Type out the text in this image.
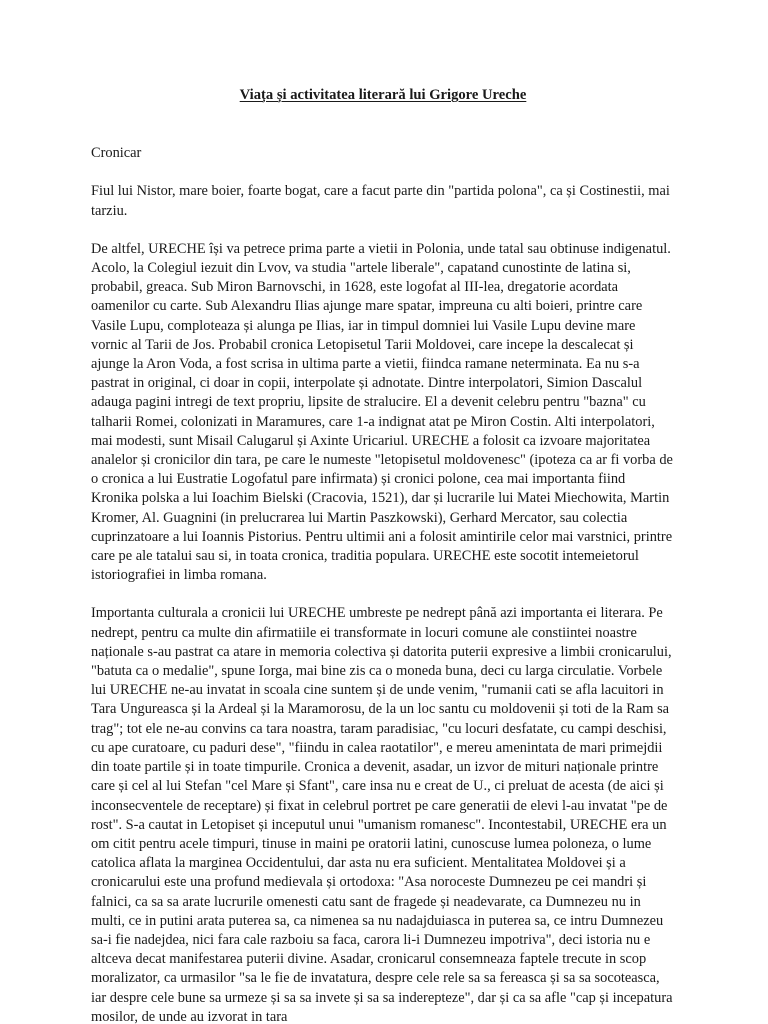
Viața și activitatea literară lui Grigore Ureche

Cronicar

Fiul lui Nistor, mare boier, foarte bogat, care a facut parte din "partida polona", ca și Costinestii, mai tarziu.

De altfel, URECHE își va petrece prima parte a vietii in Polonia, unde tatal sau obtinuse indigenatul. Acolo, la Colegiul iezuit din Lvov, va studia "artele liberale", capatand cunostinte de latina si, probabil, greaca. Sub Miron Barnovschi, in 1628, este logofat al III-lea, dregatorie acordata oamenilor cu carte. Sub Alexandru Ilias ajunge mare spatar, impreuna cu alti boieri, printre care Vasile Lupu, comploteaza și alunga pe Ilias, iar in timpul domniei lui Vasile Lupu devine mare vornic al Tarii de Jos. Probabil cronica Letopisetul Tarii Moldovei, care incepe la descalecat și ajunge la Aron Voda, a fost scrisa in ultima parte a vietii, fiindca ramane neterminata. Ea nu s-a pastrat in original, ci doar in copii, interpolate și adnotate. Dintre interpolatori, Simion Dascalul adauga pagini intregi de text propriu, lipsite de stralucire. El a devenit celebru pentru "bazna" cu talharii Romei, colonizati in Maramures, care 1-a indignat atat pe Miron Costin. Alti interpolatori, mai modesti, sunt Misail Calugarul și Axinte Uricariul. URECHE a folosit ca izvoare majoritatea analelor și cronicilor din tara, pe care le numeste "letopisetul moldovenesc" (ipoteza ca ar fi vorba de o cronica a lui Eustratie Logofatul pare infirmata) și cronici polone, cea mai importanta fiind Kronika polska a lui Ioachim Bielski (Cracovia, 1521), dar și lucrarile lui Matei Miechowita, Martin Kromer, Al. Guagnini (in prelucrarea lui Martin Paszkowski), Gerhard Mercator, sau colectia cuprinzatoare a lui Ioannis Pistorius. Pentru ultimii ani a folosit amintirile celor mai varstnici, printre care pe ale tatalui sau si, in toata cronica, traditia populara. URECHE este socotit intemeietorul istoriografiei in limba romana.

Importanta culturala a cronicii lui URECHE umbreste pe nedrept până azi importanta ei literara. Pe nedrept, pentru ca multe din afirmatiile ei transformate in locuri comune ale constiintei noastre naționale s-au pastrat ca atare in memoria colectiva și datorita puterii expresive a limbii cronicarului, "batuta ca o medalie", spune Iorga, mai bine zis ca o moneda buna, deci cu larga circulatie. Vorbele lui URECHE ne-au invatat in scoala cine suntem și de unde venim, "rumanii cati se afla lacuitori in Tara Ungureasca și la Ardeal și la Maramorosu, de la un loc santu cu moldovenii și toti de la Ram sa trag"; tot ele ne-au convins ca tara noastra, taram paradisiac, "cu locuri desfatate, cu campi deschisi, cu ape curatoare, cu paduri dese", "fiindu in calea raotatilor", e mereu amenintata de mari primejdii din toate partile și in toate timpurile. Cronica a devenit, asadar, un izvor de mituri naționale printre care și cel al lui Stefan "cel Mare și Sfant", care insa nu e creat de U., ci preluat de acesta (de aici și inconsecventele de receptare) și fixat in celebrul portret pe care generatii de elevi l-au invatat "pe de rost". S-a cautat in Letopiset și inceputul unui "umanism romanesc". Incontestabil, URECHE era un om citit pentru acele timpuri, tinuse in maini pe oratorii latini, cunoscuse lumea poloneza, o lume catolica aflata la marginea Occidentului, dar asta nu era suficient. Mentalitatea Moldovei și a cronicarului este una profund medievala și ortodoxa: "Asa noroceste Dumnezeu pe cei mandri și falnici, ca sa sa arate lucrurile omenesti catu sant de fragede și neadevarate, ca Dumnezeu nu in multi, ce in putini arata puterea sa, ca nimenea sa nu nadajduiasca in puterea sa, ce intru Dumnezeu sa-i fie nadejdea, nici fara cale razboiu sa faca, carora li-i Dumnezeu impotriva", deci istoria nu e altceva decat manifestarea puterii divine. Asadar, cronicarul consemneaza faptele trecute in scop moralizator, ca urmasilor "sa le fie de invatatura, despre cele rele sa sa fereasca și sa sa socoteasca, iar despre cele bune sa urmeze și sa sa invete și sa sa inderepteze", dar și ca sa afle "cap și incepatura mosilor, de unde au izvorat in tara
